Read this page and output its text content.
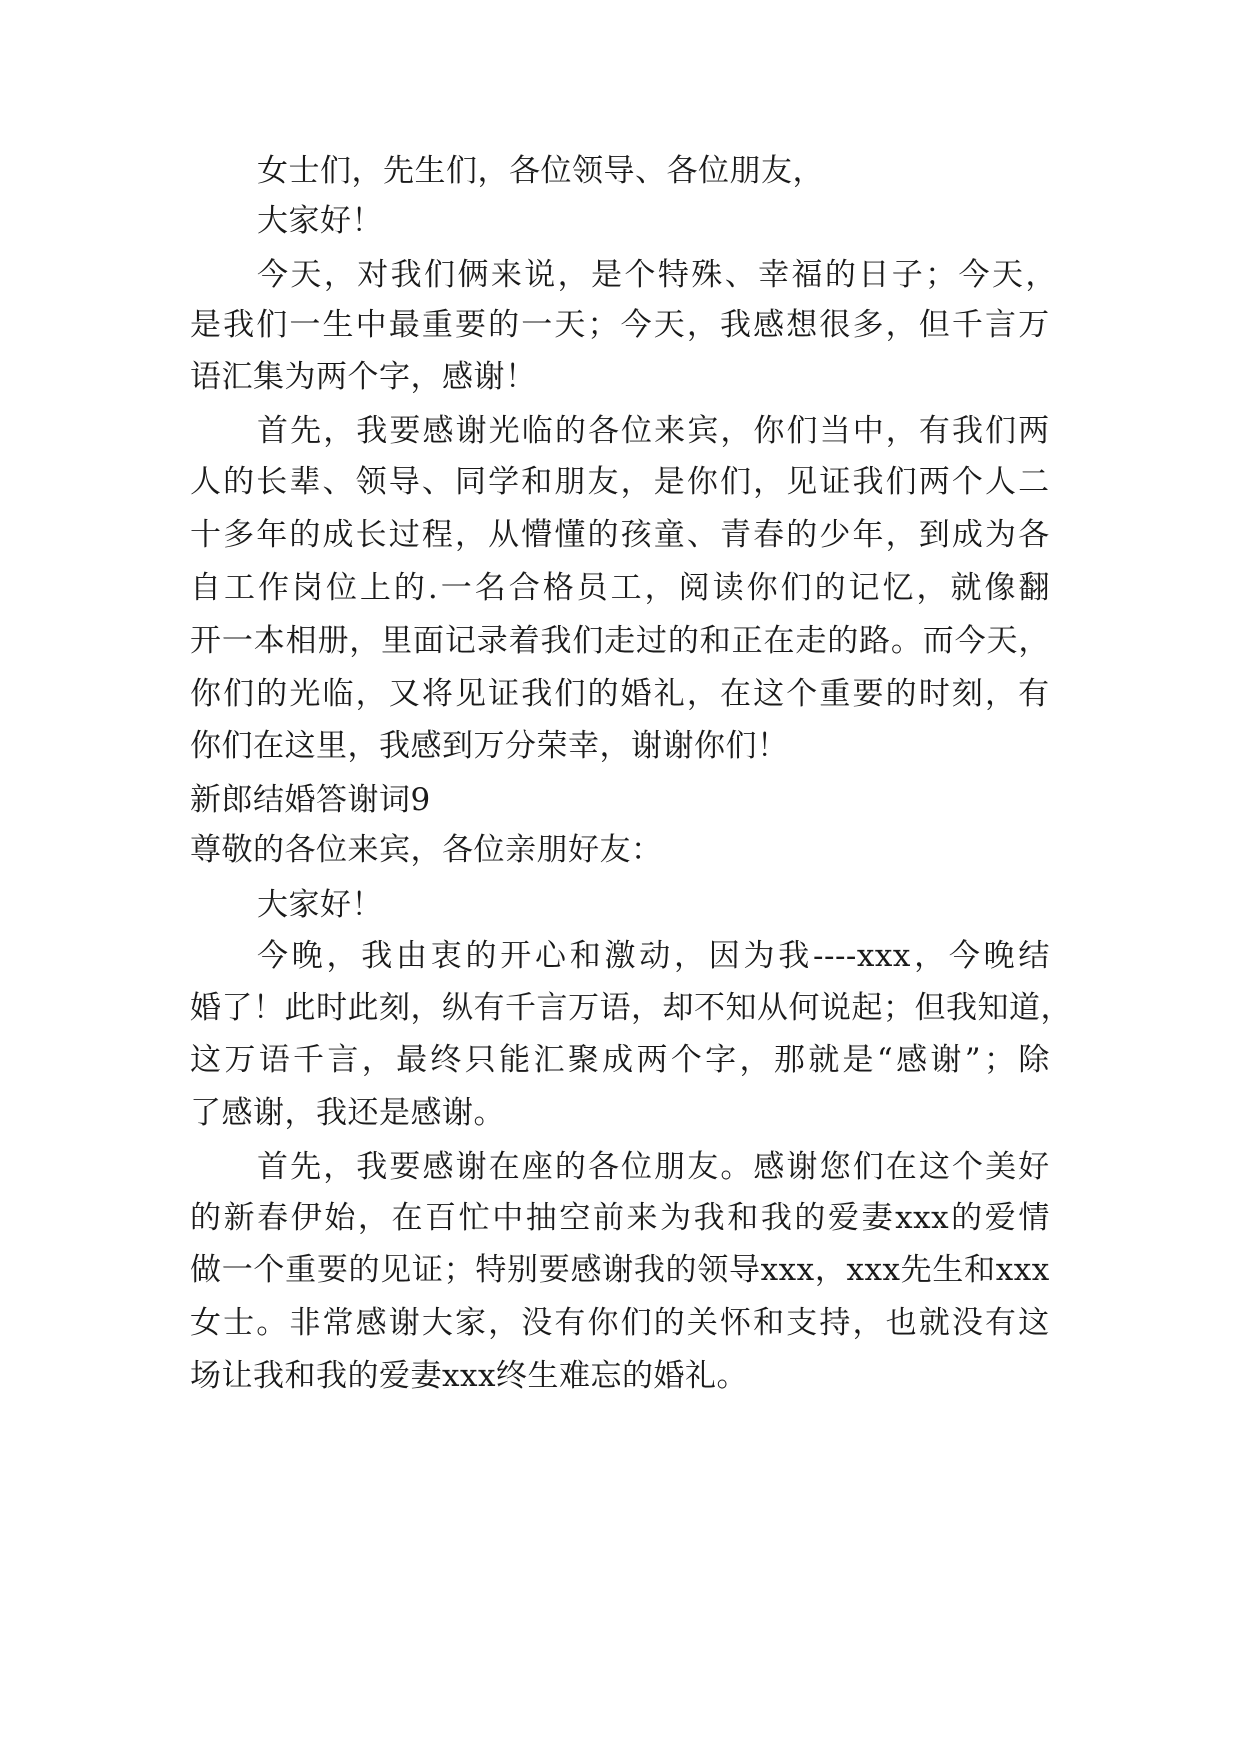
女士们，先生们，各位领导、各位朋友，
大家好！
今 天 ， 对 我 们 俩 来 说 ， 是 个 特 殊 、 幸 福 的 日 子 ； 今 天 ，
是 我 们 一 生 中 最 重 要 的 一 天 ； 今 天 ， 我 感 想 很 多 ， 但 千 言 万
语汇集为两个字，感谢！
首 先 ， 我 要 感 谢 光 临 的 各 位 来 宾 ， 你 们 当 中 ， 有 我 们 两
人 的 长 辈 、 领 导 、 同 学 和 朋 友 ， 是 你 们 ， 见 证 我 们 两 个 人 二
十 多 年 的 成 长 过 程 ， 从 懵 懂 的 孩 童 、 青 春 的 少 年 ， 到 成 为 各
自 工 作 岗 位 上 的 . 一 名 合 格 员 工 ， 阅 读 你 们 的 记 忆 ， 就 像 翻
开 一 本 相 册 ， 里 面 记 录 着 我 们 走 过 的 和 正 在 走 的 路 。 而 今 天 ，
你 们 的 光 临 ， 又 将 见 证 我 们 的 婚 礼 ， 在 这 个 重 要 的 时 刻 ， 有
你们在这里，我感到万分荣幸，谢谢你们！
新郎结婚答谢词9
尊敬的各位来宾，各位亲朋好友：
大家好！
今 晚 ， 我 由 衷 的 开 心 和 激 动 ， 因 为 我 ----xxx ， 今 晚 结
婚 了 ！ 此 时 此 刻 ， 纵 有 千 言 万 语 ， 却 不 知 从 何 说 起 ； 但 我 知 道 ，
这 万 语 千 言 ， 最 终 只 能 汇 聚 成 两 个 字 ， 那 就 是 “ 感 谢 ” ； 除
了感谢，我还是感谢。
首 先 ， 我 要 感 谢 在 座 的 各 位 朋 友 。 感 谢 您 们 在 这 个 美 好
的 新 春 伊 始 ， 在 百 忙 中 抽 空 前 来 为 我 和 我 的 爱 妻 xxx 的 爱 情
做 一 个 重 要 的 见 证 ； 特 别 要 感 谢 我 的 领 导 xxx ， xxx 先 生 和 xxx
女 士 。 非 常 感 谢 大 家 ， 没 有 你 们 的 关 怀 和 支 持 ， 也 就 没 有 这
场让我和我的爱妻xxx终生难忘的婚礼。
